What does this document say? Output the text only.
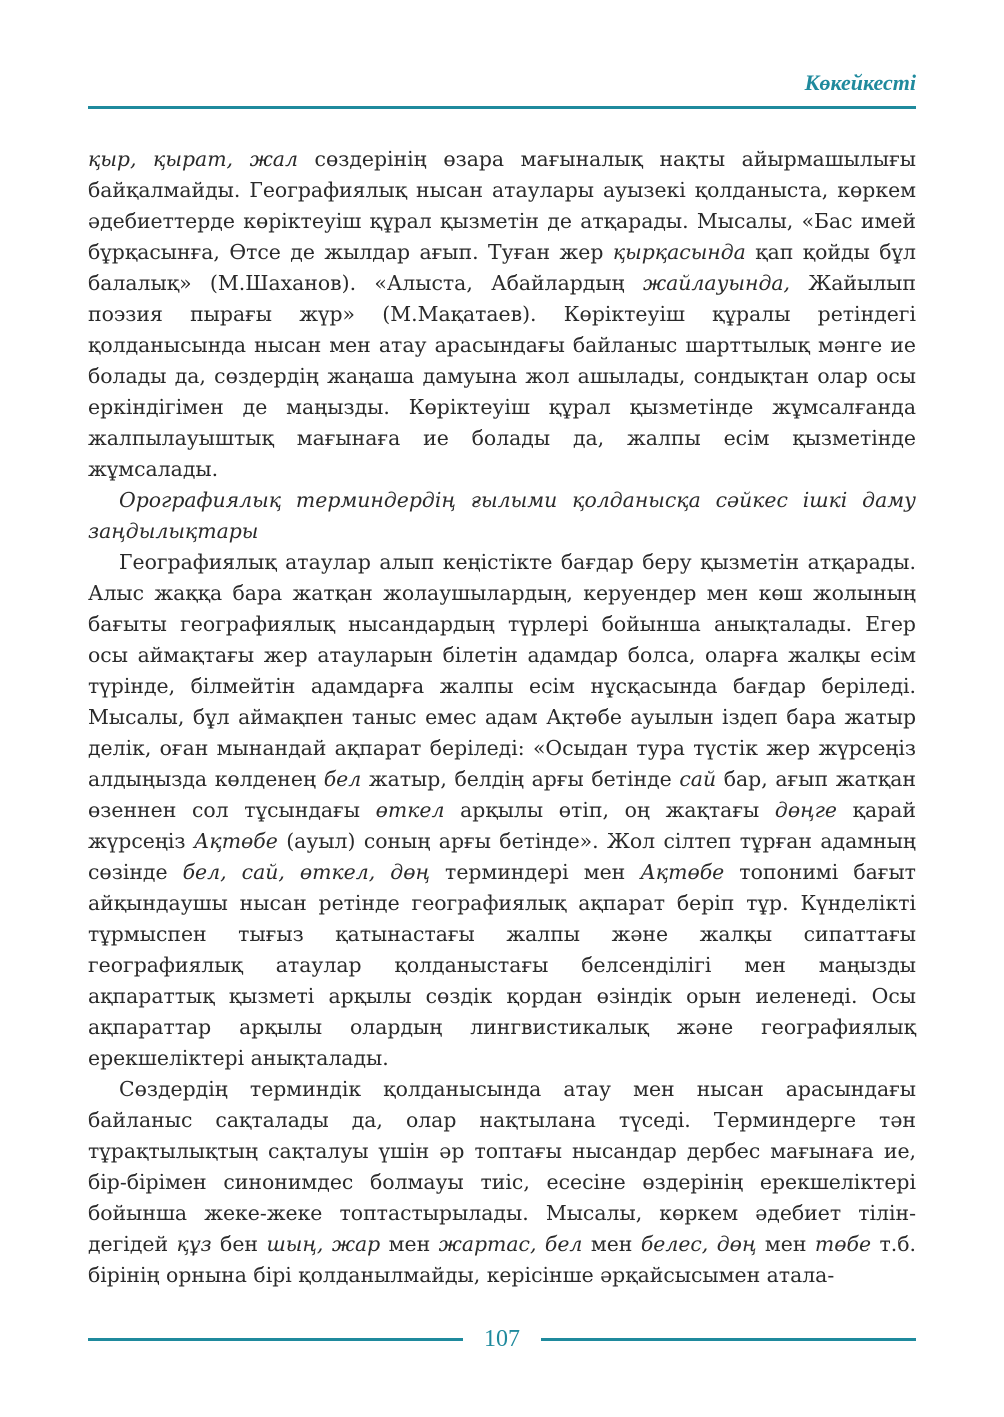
Көкейкесті

қыр, қырат, жал сөздерінің өзара мағыналық нақты айырмашылығы байқалмайды. Географиялық нысан атаулары ауызекі қолданыста, көркем әдебиеттерде көріктеуіш құрал қызметін де атқарады. Мысалы, «Бас имей бұрқасынға, Өтсе де жылдар ағып. Туған жер қырқасында қап қойды бұл балалық» (М.Шаханов). «Алыста, Абайлардың жайлауында, Жайылып поэзия пырағы жүр» (М.Мақатаев). Көріктеуіш құралы ретіндегі қолданысында нысан мен атау арасындағы байланыс шарттылық мәнге ие болады да, сөздердің жаңаша дамуына жол ашылады, сондықтан олар осы еркіндігімен де маңызды. Көріктеуіш құрал қызметінде жұмсалғанда жалпылауыштық мағынаға ие болады да, жалпы есім қызметінде жұмсалады.

Орографиялық терминдердің ғылыми қолданысқа сәйкес ішкі даму заңдылықтары

Географиялық атаулар алып кеңістікте бағдар беру қызметін атқарады. Алыс жаққа бара жатқан жолаушылардың, керуендер мен көш жолының бағыты географиялық нысандардың түрлері бойынша анықталады. Егер осы аймақтағы жер атауларын білетін адамдар болса, оларға жалқы есім түрінде, білмейтін адамдарға жалпы есім нұсқасында бағдар беріледі. Мысалы, бұл аймақпен таныс емес адам Ақтөбе ауылын іздеп бара жатыр делік, оған мынандай ақпарат беріледі: «Осыдан тура түстік жер жүрсеңіз алдыңызда көлденең бел жатыр, белдің арғы бетінде сай бар, ағып жатқан өзеннен сол тұсындағы өткел арқылы өтіп, оң жақтағы дөңге қарай жүрсеңіз Ақтөбе (ауыл) соның арғы бетінде». Жол сілтеп тұрған адамның сөзінде бел, сай, өткел, дөң терминдері мен Ақтөбе топонимі бағыт айқындаушы нысан ретінде географиялық ақпарат беріп тұр. Күнделікті тұрмыспен тығыз қатынастағы жалпы және жалқы сипаттағы географиялық атаулар қолданыстағы белсенділігі мен маңызды ақпараттық қызметі арқылы сөздік қордан өзіндік орын иеленеді. Осы ақпараттар арқылы олардың лингвистикалық және географиялық ерекшеліктері анықталады.

Сөздердің терминдік қолданысында атау мен нысан арасындағы байланыс сақталады да, олар нақтылана түседі. Терминдерге тән тұрақтылықтың сақталуы үшін әр топтағы нысандар дербес мағынаға ие, бір-бірімен синонимдес болмауы тиіс, есесіне өздерінің ерекшеліктері бойынша жеке-жеке топтастырылады. Мысалы, көркем әдебиет тіліндегідей құз бен шың, жар мен жартас, бел мен белес, дөң мен төбе т.б. бірінің орнына бірі қолданылмайды, керісінше әрқайсысымен атала-

107
